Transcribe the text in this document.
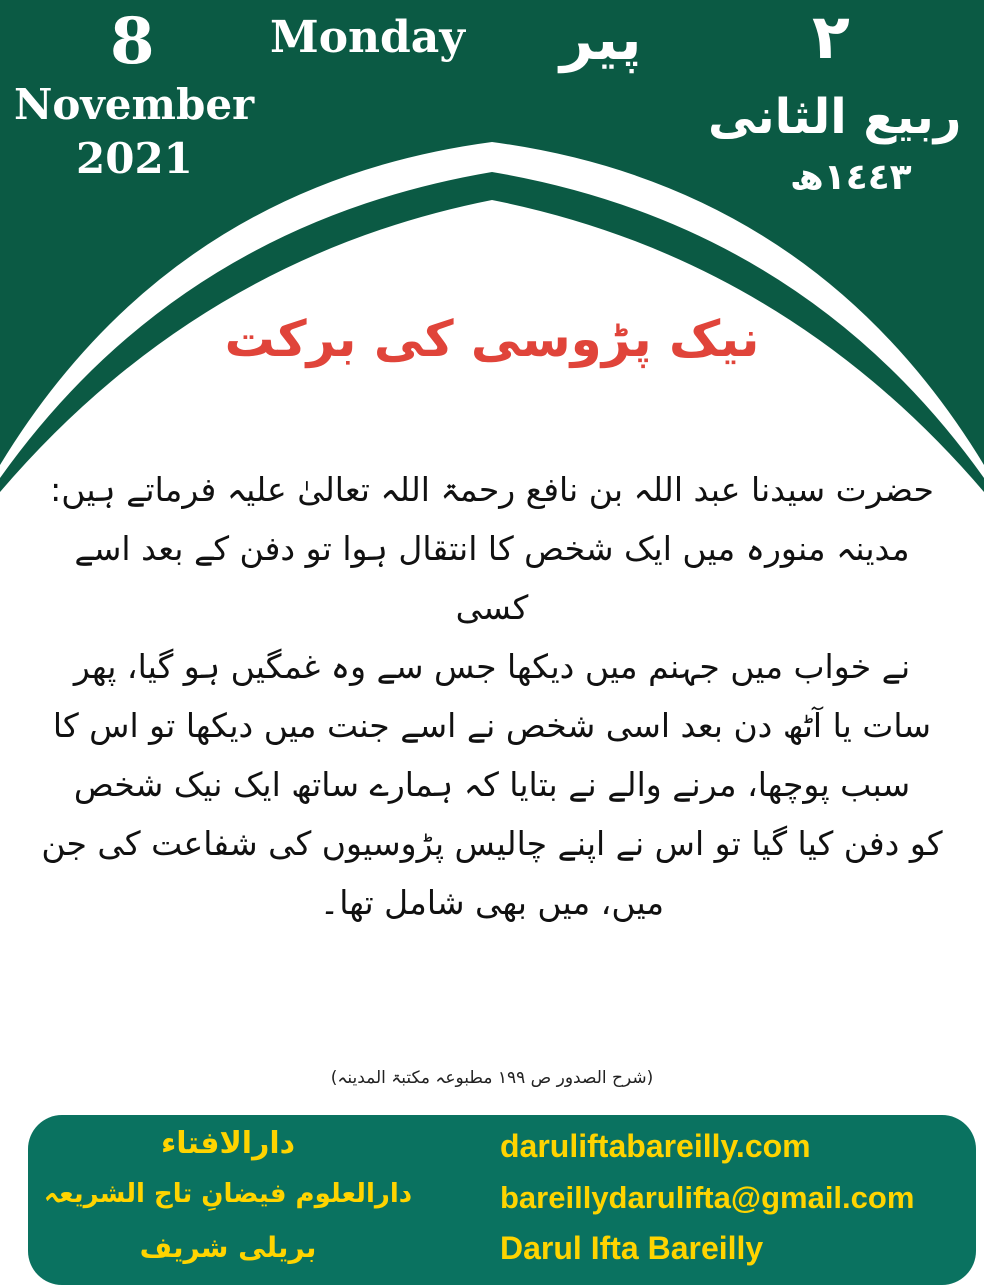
8
November
2021
Monday پیر	٢
ربیع الثانی
١٤٤٣ھ
نیک پڑوسی کی برکت

حضرت سیدنا عبد اللہ بن نافع رحمۃ اللہ تعالیٰ علیہ فرماتے ہیں:

مدینہ منورہ میں ایک شخص کا انتقال ہوا تو دفن کے بعد اسے کسی

نے خواب میں جہنم میں دیکھا جس سے وہ غمگیں ہو گیا، پھر

سات یا آٹھ دن بعد اسی شخص نے اسے جنت میں دیکھا تو اس کا

سبب پوچھا، مرنے والے نے بتایا کہ ہمارے ساتھ ایک نیک شخص

کو دفن کیا گیا تو اس نے اپنے چالیس پڑوسیوں کی شفاعت کی جن

میں، میں بھی شامل تھا۔

(شرح الصدور ص ١٩٩ مطبوعہ مکتبۃ المدینہ)
دارالافتاء
دارالعلوم فیضانِ تاج الشریعہ
بریلی شریف
daruliftabareilly.com
bareillydarulifta@gmail.com
Darul Ifta Bareilly
